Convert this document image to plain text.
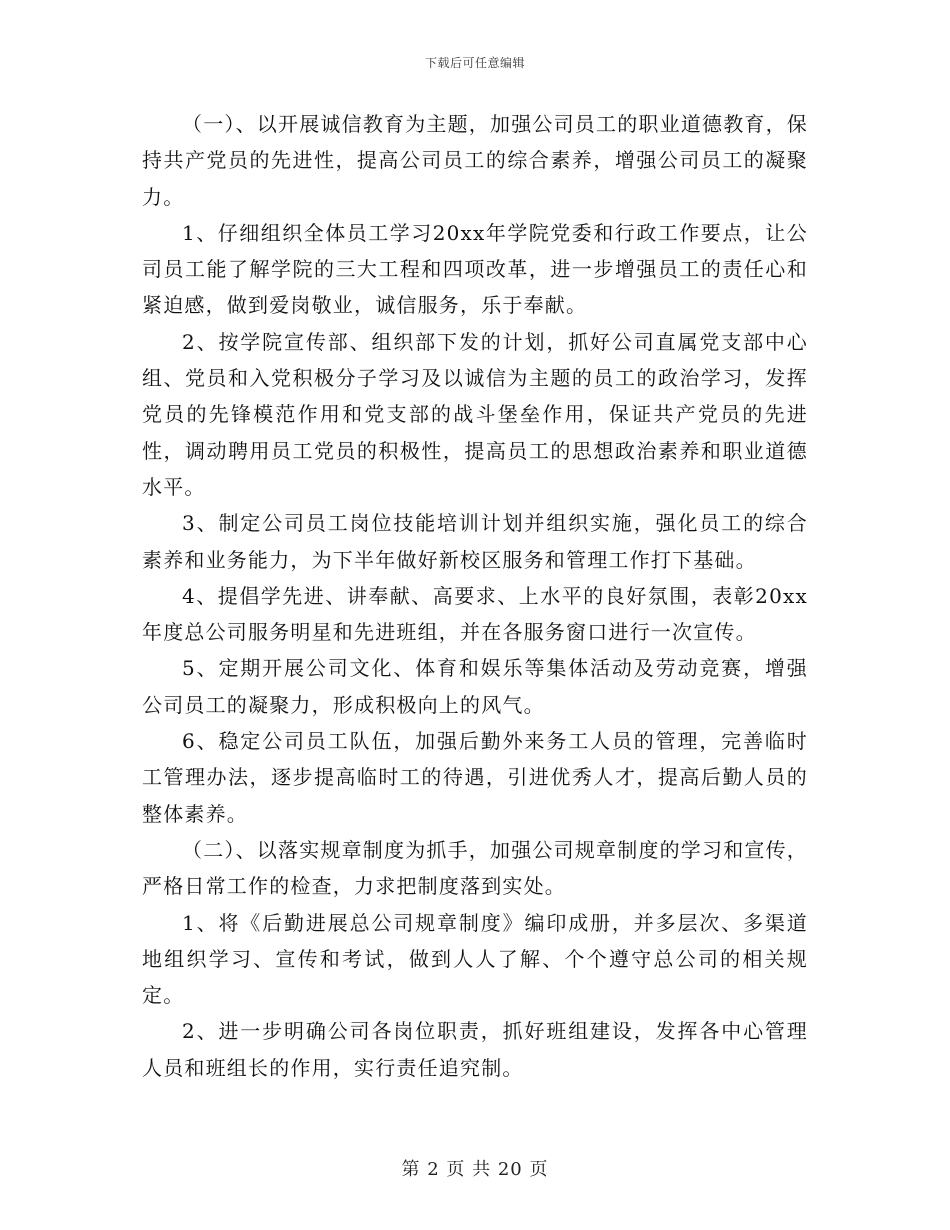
下载后可任意编辑

（一）、以开展诚信教育为主题，加强公司员工的职业道德教育，保持共产党员的先进性，提高公司员工的综合素养，增强公司员工的凝聚力。

1、仔细组织全体员工学习20xx年学院党委和行政工作要点，让公司员工能了解学院的三大工程和四项改革，进一步增强员工的责任心和紧迫感，做到爱岗敬业，诚信服务，乐于奉献。

2、按学院宣传部、组织部下发的计划，抓好公司直属党支部中心组、党员和入党积极分子学习及以诚信为主题的员工的政治学习，发挥党员的先锋模范作用和党支部的战斗堡垒作用，保证共产党员的先进性，调动聘用员工党员的积极性，提高员工的思想政治素养和职业道德水平。

3、制定公司员工岗位技能培训计划并组织实施，强化员工的综合素养和业务能力，为下半年做好新校区服务和管理工作打下基础。

4、提倡学先进、讲奉献、高要求、上水平的良好氛围，表彰20xx年度总公司服务明星和先进班组，并在各服务窗口进行一次宣传。

5、定期开展公司文化、体育和娱乐等集体活动及劳动竞赛，增强公司员工的凝聚力，形成积极向上的风气。

6、稳定公司员工队伍，加强后勤外来务工人员的管理，完善临时工管理办法，逐步提高临时工的待遇，引进优秀人才，提高后勤人员的整体素养。

（二）、以落实规章制度为抓手，加强公司规章制度的学习和宣传，严格日常工作的检查，力求把制度落到实处。

1、将《后勤进展总公司规章制度》编印成册，并多层次、多渠道地组织学习、宣传和考试，做到人人了解、个个遵守总公司的相关规定。

2、进一步明确公司各岗位职责，抓好班组建设，发挥各中心管理人员和班组长的作用，实行责任追究制。

第 2 页 共 20 页
